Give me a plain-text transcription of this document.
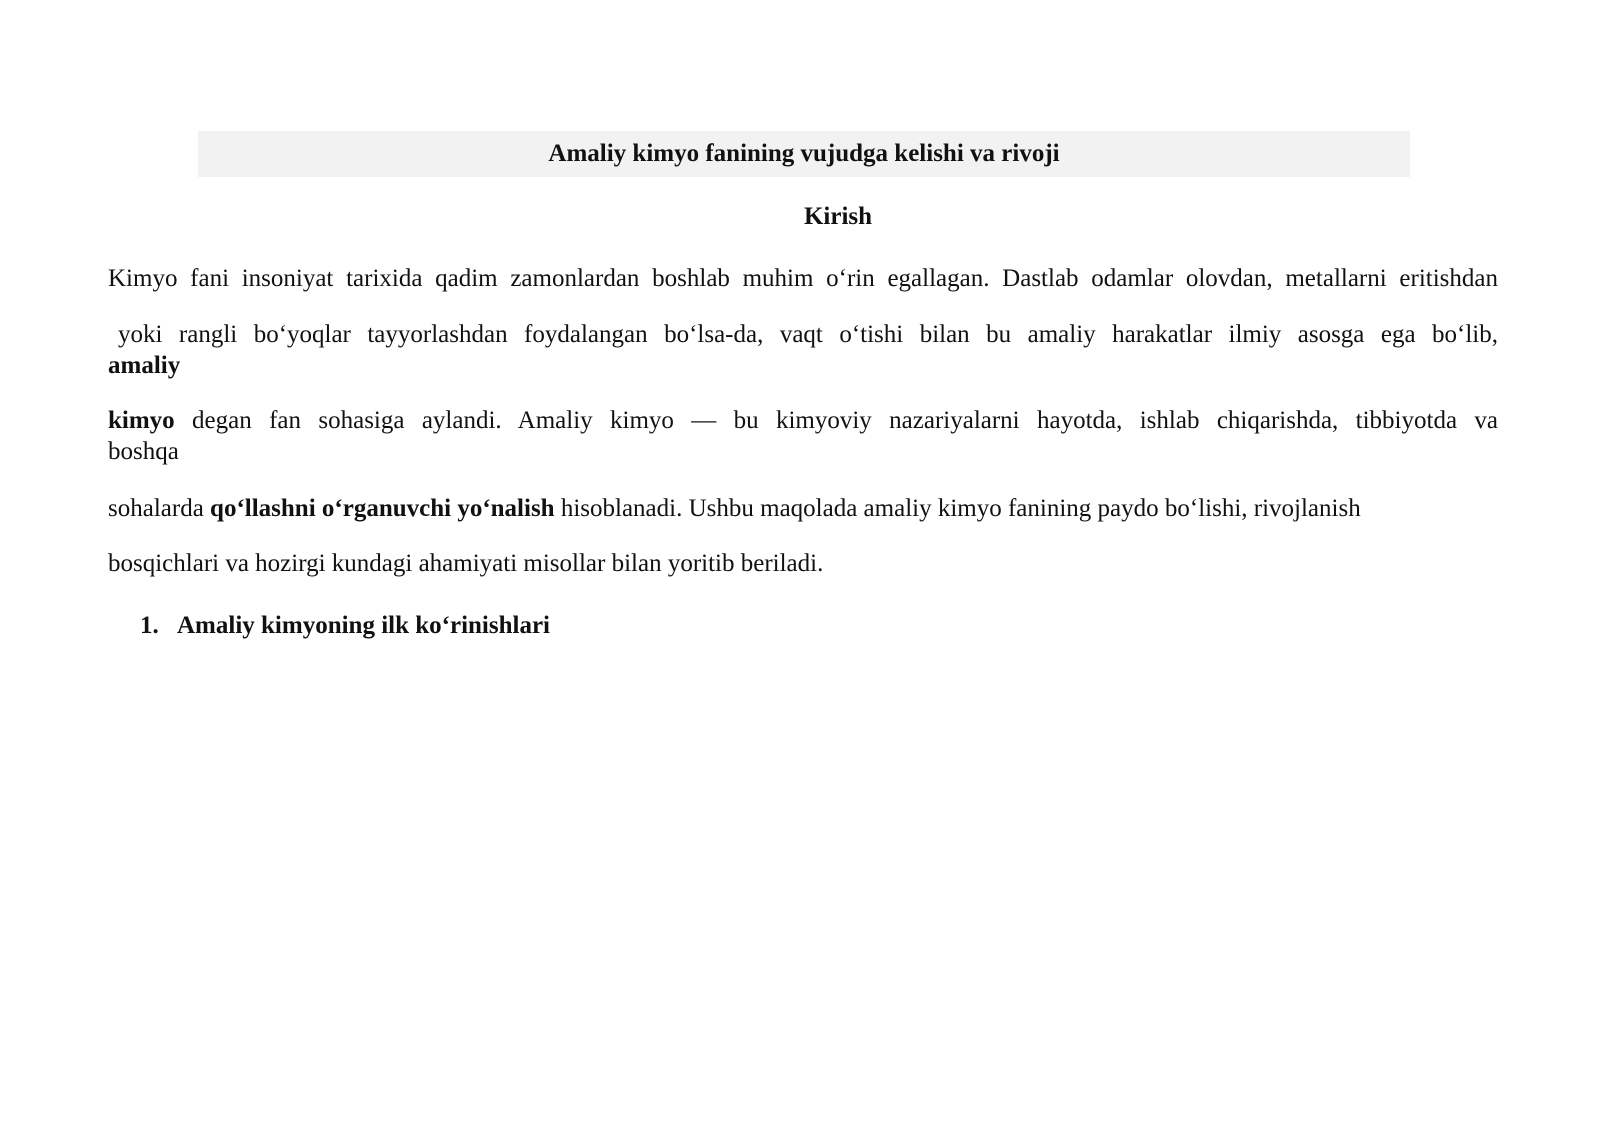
Amaliy kimyo fanining vujudga kelishi va rivoji
Kirish
Kimyo fani insoniyat tarixida qadim zamonlardan boshlab muhim o‘rin egallagan. Dastlab odamlar olovdan, metallarni eritishdan
yoki rangli bo‘yoqlar tayyorlashdan foydalangan bo‘lsa-da, vaqt o‘tishi bilan bu amaliy harakatlar ilmiy asosga ega bo‘lib,
amaliy
kimyo degan fan sohasiga aylandi. Amaliy kimyo — bu kimyoviy nazariyalarni hayotda, ishlab chiqarishda, tibbiyotda va
boshqa
sohalarda qo‘llashni o‘rganuvchi yo‘nalish hisoblanadi. Ushbu maqolada amaliy kimyo fanining paydo bo‘lishi, rivojlanish
bosqichlari va hozirgi kundagi ahamiyati misollar bilan yoritib beriladi.
1. Amaliy kimyoning ilk ko‘rinishlari
